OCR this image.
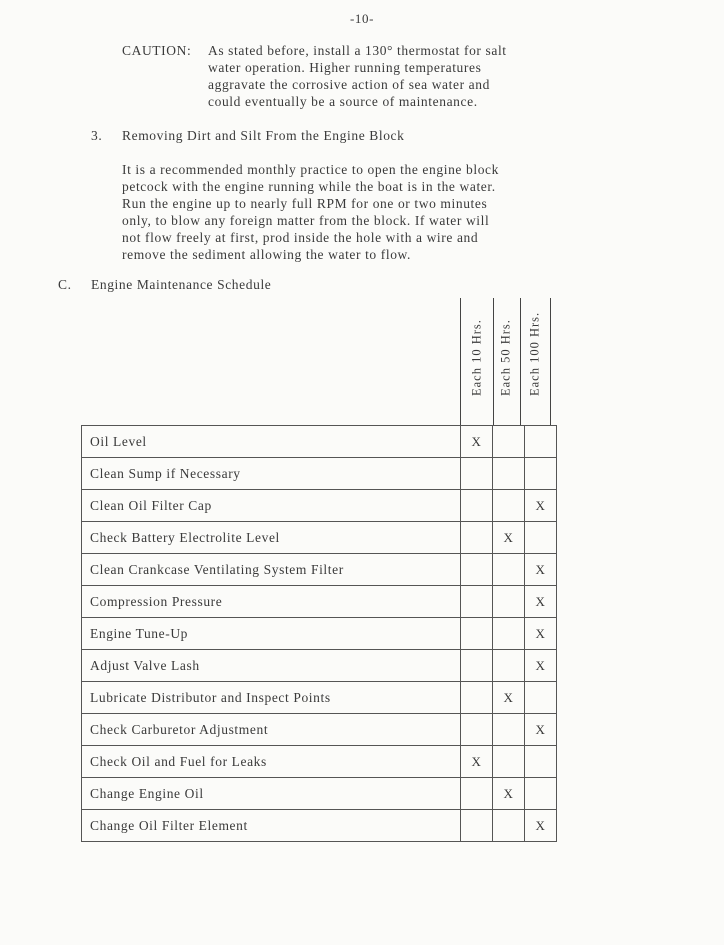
-10-
CAUTION: As stated before, install a 130° thermostat for salt
water operation. Higher running temperatures
aggravate the corrosive action of sea water and
could eventually be a source of maintenance.
3. Removing Dirt and Silt From the Engine Block
It is a recommended monthly practice to open the engine block
petcock with the engine running while the boat is in the water.
Run the engine up to nearly full RPM for one or two minutes
only, to blow any foreign matter from the block. If water will
not flow freely at first, prod inside the hole with a wire and
remove the sediment allowing the water to flow.
C. Engine Maintenance Schedule
Each 10 Hrs. Each 50 Hrs. Each 100 Hrs.
Oil Level	X		
Clean Sump if Necessary			
Clean Oil Filter Cap			X
Check Battery Electrolite Level		X	
Clean Crankcase Ventilating System Filter			X
Compression Pressure			X
Engine Tune-Up			X
Adjust Valve Lash			X
Lubricate Distributor and Inspect Points		X	
Check Carburetor Adjustment			X
Check Oil and Fuel for Leaks	X		
Change Engine Oil		X	
Change Oil Filter Element			X
